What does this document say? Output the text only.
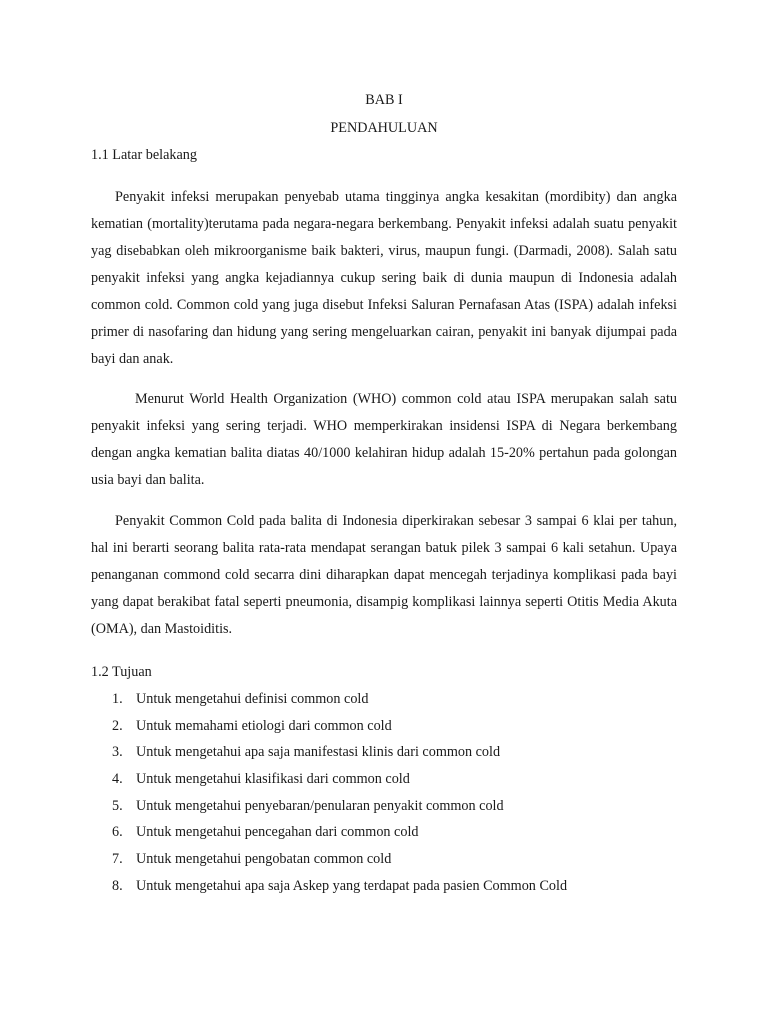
BAB I
PENDAHULUAN
1.1 Latar belakang

Penyakit infeksi merupakan penyebab utama tingginya angka kesakitan (mordibity) dan angka kematian (mortality)terutama pada negara-negara berkembang. Penyakit infeksi adalah suatu penyakit yag disebabkan oleh mikroorganisme baik bakteri, virus, maupun fungi. (Darmadi, 2008). Salah satu penyakit infeksi yang angka kejadiannya cukup sering baik di dunia maupun di Indonesia adalah common cold. Common cold yang juga disebut Infeksi Saluran Pernafasan Atas (ISPA) adalah infeksi primer di nasofaring dan hidung yang sering mengeluarkan cairan, penyakit ini banyak dijumpai pada bayi dan anak.

Menurut World Health Organization (WHO) common cold atau ISPA merupakan salah satu penyakit infeksi yang sering terjadi. WHO memperkirakan insidensi ISPA di Negara berkembang dengan angka kematian balita diatas 40/1000 kelahiran hidup adalah 15-20% pertahun pada golongan usia bayi dan balita.

Penyakit Common Cold pada balita di Indonesia diperkirakan sebesar 3 sampai 6 klai per tahun, hal ini berarti seorang balita rata-rata mendapat serangan batuk pilek 3 sampai 6 kali setahun. Upaya penanganan commond cold secarra dini diharapkan dapat mencegah terjadinya komplikasi pada bayi yang dapat berakibat fatal seperti pneumonia, disampig komplikasi lainnya seperti Otitis Media Akuta (OMA), dan Mastoiditis.

1.2 Tujuan
1. Untuk mengetahui definisi common cold
2. Untuk memahami etiologi dari common cold
3. Untuk mengetahui apa saja manifestasi klinis dari common cold
4. Untuk mengetahui klasifikasi dari common cold
5. Untuk mengetahui penyebaran/penularan penyakit common cold
6. Untuk mengetahui pencegahan dari common cold
7. Untuk mengetahui pengobatan common cold
8. Untuk mengetahui apa saja Askep yang terdapat pada pasien Common Cold
